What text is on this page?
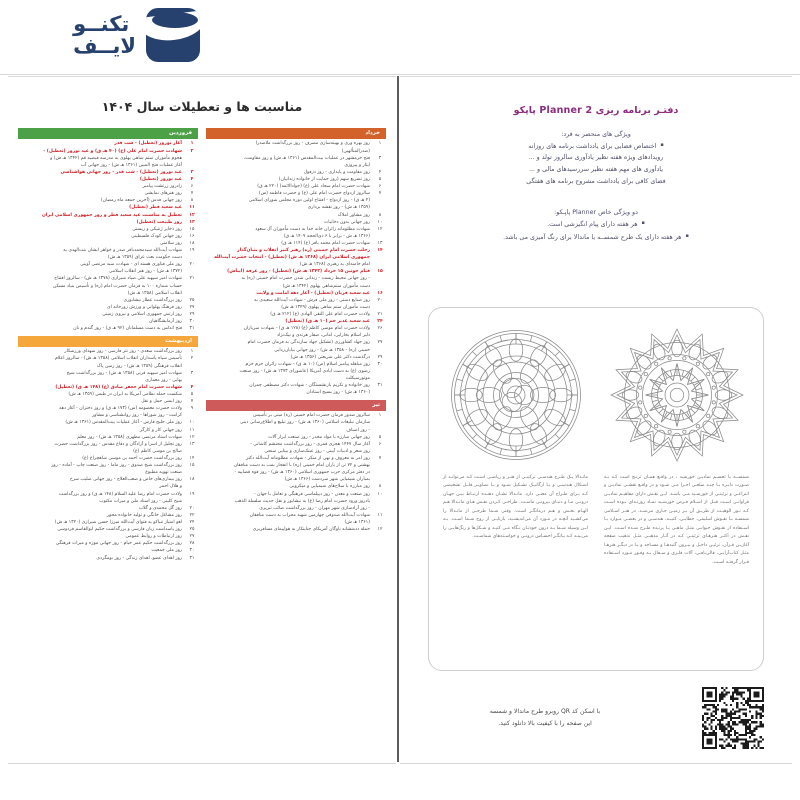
تکنــو
لایــف
مناسبت ها و تعطیلات سال ۱۴۰۴
خرداد
۱
روز بهره وری و بهینه‌سازی مصرف - روز بزرگداشت ملاصدرا
(صدرالمتألهین)
۳
فتح خرمشهر در عملیات بیت‌المقدس (۱۳۶۱ هـ ش) و روز مقاومت،
ایثار و پیروزی
۴
روز مقاومت و پایداری - روز دزفول
۵
روز تسریع سهم (روز حمایت از خانواده زندانیان)
۶
شهادت حضرت امام سجاد علی (ع) (جوادالائمه) (۲۲۰ هـ ق)
۷
سالروز ازدواج حضرت امام علی (ع) و حضرت فاطمه (س)
(۲ هـ ق) - روز ازدواج - افتتاح اولین دوره مجلس شورای اسلامی
(۱۳۵۹ هـ ش) - روز نقشه برداری
۸
روز مشاور املاک
۱۰
روز جهانی بدون دخانیات
۱۲
شهادت مظلومانه زائران خانه خدا به دست مأموران آل سعود
(۱۳۶۶ هـ ش - برابر با ۶ ذی‌الحجه ۱۴۰۷ هـ ق)
۱۳
شهادت حضرت امام محمد باقر (ع) (۱۱۴ هـ ق)
۱۴
رحلت حضرت امام خمینی (ره) رهبر کبیر انقلاب و بنیان‌گذار
جمهوری اسلامی ایران (۱۳۶۸ هـ ش) (تعطیل) - انتخاب حضرت آیت‌الله
امام خامنه‌ای به رهبری (۱۳۶۸ هـ ش)
۱۵
قیام خونین ۱۵ خرداد (۱۳۴۲ هـ ش) (تعطیل) - روز عرفه (ایباش)
- روز جهانی محیط زیست - زندانی شدن حضرت امام خمینی (ره) به
دست مأموران ستم‌شاهی پهلوی (۱۳۴۲ هـ ش)
۱۶
عید سعید قربان (تعطیل) - آغاز دهه امامت و ولایت
۲۰
روز صنایع دستی - روز ملی فرش - شهادت آیت‌الله سعیدی به
دست مأموران ستم شاهی پهلوی (۱۳۴۹ هـ ش)
۲۱
ولادت حضرت امام علی النقی الهادی (ع) (۲۱۲ هـ ق)
۲۴
عید سعید غدیر خم (۱۰ هـ ق) (تعطیل)
۲۶
ولادت حضرت امام موسی کاظم (ع) (۱۲۸ هـ ق) - شهادت سربازان
دلیر اسلام بخارایی، امانی، صفار هرندی و نیک‌نژاد
۲۷
روز جهاد کشاورزی (تشکیل جهاد سازندگی به فرمان حضرت امام
خمینی (ره) - ۱۳۵۸ هـ ش) - روز جهانی بیابان‌زدایی
۲۹
درگذشت دکتر علی شریعتی (۱۳۵۶ هـ ش)
۳۰
روز مباهله پیامبر اسلام (ص) (۱۰ هـ ق) - شهادت زائران حرم خرم
رضوی (ع) به دست ایادی آمریکا (عاشورای ۱۳۷۳ هـ ش) - روز صنعت
موتورسیکلت
۳۱
روز خانواده و تکریم بازنشستگان - شهادت دکتر مصطفی چمران
(۱۳۶۰ هـ ش) - روز بسیج استادان
تیر
۱
سالروز صدور فرمان حضرت امام خمینی (ره) مبنی بر تأسیس
سازمان تبلیغات اسلامی (۱۳۶۰ هـ ش) - روز تبلیغ و اطلاع‌رسانی دینی
- روز اصناف
۵
روز جهانی مبارزه با مواد مخدر - روز صنعت ابزار آلات
۶
آغاز سال ۱۴۴۷ هجری قمری - روز بزرگداشت محتشم کاشانی -
روز شعر و ادبیات آیینی - روز عینک‌سازی و بینایی سنجی
۷
روز امر به معروف و نهی از منکر - شهادت مظلومانه آیت‌الله دکتر
بهشتی و ۷۲ تن از یاران امام خمینی (ره) با انفجار بمب به دست منافقان
در دفتر مرکزی حزب جمهوری اسلامی (۱۳۶۰ هـ ش) - روز قوه قضاییه -
بمباران شیمیایی شهر سردشت (۱۳۶۶ هـ ش)
۸
روز مبارزه با سلاح‌های شیمیایی و میکروبی
۱۰
روز صنعت و معدن - روز دیپلماسی فرهنگی و تعامل با جهان -
یادروز ورود حضرت امام رضا (ع) به نیشابور و نقل حدیث سلسلة الذهب
- روز آزادسازی شهر مهران - روز بزرگداشت صائب تبریزی
۱۱
شهادت آیت‌الله صدوقی چهارمین شهید محراب به دست منافقان
(۱۳۶۱ هـ ش)
۱۲
حمله ددمنشانه ناوگان آمریکای جنایتکار به هواپیمای مسافربری
فروردین
۱
آغاز نوروز (تعطیل) - شب قدر
۲
شهادت حضرت امام علی (ع) (۴۰ هـ ق) و عید نوروز (تعطیل) -
هجوم مأموران ستم شاهی پهلوی به مدرسه فیضیه قم (۱۳۴۲ هـ ش) و
آغاز عملیات فتح المبین (۱۳۶۱ هـ ش) - روز جهانی آب
۳
عید نوروز (تعطیل) - شب قدر - روز جهانی هواشناسی
۴
عید نوروز (تعطیل)
۶
زادروز زرتشت پیامبر
۷
روز هنرهای نمایشی
۸
روز جهانی قدس (آخرین جمعه ماه رمضان)
۱۱
عید سعید فطر (تعطیل)
۱۲
تعطیل به مناسبت عید سعید فطر و روز جمهوری اسلامی ایران
۱۳
روز طبیعت (تعطیل)
۱۵
روز ذخایر ژنتیکی و زیستی
۱۶
روز جهانی کودک فلسطینی
۱۸
روز سلامتی
۱۹
شهادت آیت‌الله سیدمحمدباقر صدر و خواهر ایشان بنت‌الهدی به
دست حکومت بعث عراق (۱۳۵۹ هـ ش)
۲۰
روز ملی فناوری هسته ای - شهادت سید مرتضی آوینی
(۱۳۷۲ هـ ش) - روز هنر انقلاب اسلامی
۲۱
شهادت امیر سپهبد علی صیاد شیرازی (۱۳۷۸ هـ ش) - سالروز افتتاح
حساب شماره ۱۰۰ به فرمان حضرت امام (ره) و تأسیس بنیاد مسکن
انقلاب اسلامی (۱۳۵۸ هـ ش)
۲۵
روز بزرگداشت عطار نیشابوری
۲۷
روز فرهنگ پهلوانی و ورزش زورخانه ای
۲۹
روز ارتش جمهوری اسلامی و نیروی زمینی
۳۰
روز آزمایشگاهیان
۳۱
فتح اندلس به دست مسلمانان (۹۲ هـ ق) - روز گندم و نان
اردیبهشت
۱
روز بزرگداشت سعدی - روز نثر فارسی - روز شهدای ورزشکار
۲
تأسیس سپاه پاسداران انقلاب اسلامی (۱۳۵۸ هـ ش) - سالروز اعلام
انقلاب فرهنگی (۱۳۵۹ هـ ش) - روز زمین پاک
۳
شهادت امیر سپهبد قرنی (۱۳۵۸ هـ ش) - روز بزرگداشت شیخ
بهایی - روز معماری
۴
شهادت حضرت امام جعفر صادق (ع) (۱۴۸ هـ ق) (تعطیل)
۵
شکست حمله نظامی آمریکا به ایران در طبس (۱۳۵۹ هـ ش)
۷
روز ایمنی حمل و نقل
۹
ولادت حضرت معصومه (س) (۱۷۳ هـ ق) و روز دختران - آغاز دهه
کرامت - روز شوراها - روز روانشناسی و مشاور
۱۰
روز ملی خلیج فارس - آغاز عملیات بیت‌المقدس (۱۳۶۱ هـ ش)
۱۱
روز جهانی کار و کارگر
۱۲
شهادت استاد مرتضی مطهری (۱۳۵۸ هـ ش) - روز معلم
۱۳
روز تجلیل از اسرا و آزادگان و دفاع مقدس - روز بزرگداشت حضرت
صالح بن موسی کاظم (ع)
۱۴
روز بزرگداشت حضرت احمد بن موسی شاهچراغ (ع)
۱۵
روز بزرگداشت شیخ صدوق - روز ماما - روز صنعت چاپ - آماده - روز
صنعت تهویه مطبوع
۱۸
روز بیماری‌های خاص و صعب‌العلاج - روز جهانی صلیب سرخ
و هلال احمر
۱۹
ولادت حضرت امام رضا علیه السلام (۱۴۸ هـ ق) و روز بزرگداشت
شیخ کلینی - روز اسناد ملی و میراث مکتوب
۲۰
روز گل محمدی و گلاب
۲۲
روز مشاغل خانگی و تولید خانواده محور
۲۴
لغو امتیاز تنباکو به فتوای آیت‌الله میرزا حسن شیرازی (۱۳۲۰ هـ ش)
۲۵
روز پاسداشت زبان فارسی و بزرگداشت حکیم ابوالقاسم فردوسی
۲۷
روز ارتباطات و روابط عمومی
۲۸
روز بزرگداشت حکیم عمر خیام - روز جهانی موزه و میراث فرهنگی
۳۰
روز ملی جمعیت
۳۱
روز اهدای عضو، اهدای زندگی - روز بومگردی
دفتـر برنامه ریزی Planner 2 پاپکو
ویژگی های منحصر به فرد:
▪اختصاص فضایی برای یادداشت برنامه های روزانه
رویدادهای ویژه هفته نظیر یادآوری سالروز تولد و ...
یادآوری های مهم هفته نظیر سررسیدهای مالی و ...
فضای کافی برای یادداشت مشروح برنامه های هفتگی
دو ویژگی خاص Planner پاپـکو:
▪هر هفته دارای پیام انگیزشی است.
▪هر هفته دارای یک طرح شمســه یا ماندالا برای رنگ آمیزی می باشد.
شمســه یا تجسـم نمادیـن خورشید ، در واقـع همـان ترنـج است کـه بـه صـورت دایـره یـا چنـد ضلعـی اجـرا مـی شـود و در واقـع نقشـی نمادیـن و انتزاعـی و تزئینـی از خورشـید مـی باشـد. ایـن نقـش دارای مفاهیـم نمادیـن فراوانـی اسـت قبـل از اسـلام قـرص خورشـید نمـاد روزنـه‌ای بـوده اسـت کـه نـور الوهیـت از طریـق آن بـر زمیـن جـاری می‌شـد. در هنـر اسـلامی شمسـه بـا نقـوش اسلیمی، خطایـی، کتیبـه، هندسـی و در بعضـی مـوارد بـا اسـتفاده از نقـوش حیوانـی مثـل ماهـی یـا پرنـده طـرح شـده اسـت. ایـن نقـش در اکثـر هنرهـای تزئینـی کـه در آثـار مذهبـی مثـل تذهیب صفحه آغازیـن قـرآن، تزئیـن داخـل و بیـرون گنبدهـا و مسـاجد و یـا در دیگـر هنرهـا مثـل کتاب‌آرایـی، قالی‌بافـی، آلات فلـزی و سـفال بـه وفـور مـورد اسـتفاده قـرار گرفتـه اسـت.
مانـدالا یـک طـرح هندسـی ترکیبـی از هنـر و ریاضـی اسـت کـه می‌توانـد از اشـکال هندسـی و یـا ارگانیـک تشـکیل شـود و یـا تصاویـر قابـل تشخیصی کـه بـرای طـراح آن معنـی دارد. مانـدالا نشـان دهنـده ارتبـاط بیـن جهـان درونـی مـا و دنیـای بیرونـی ماسـت. طراحـی کـردن نقـش هـای مانـدالا هـم الهـام بخـش و هـم درمانگـر اسـت. وقتی شـما طرحـی از مانـدالا را می‌کشـید آنچـه در مـورد آن می‌اندیشـید، بازتابـی از روح شـما اسـت. بـه ایـن وسیله شـما بـه درون خودتـان نـگاه مـی کنیـد و شـکل‌ها و رنگ‌هایـی را می‌بینـد کـه بیانگـر احسـاس درونـی و خواسـته‌های شماسـت.
با اسکن کد QR روبرو طرح ماندالا و شمسه
این صفحه را با کیفیت بالا دانلود کنید.
